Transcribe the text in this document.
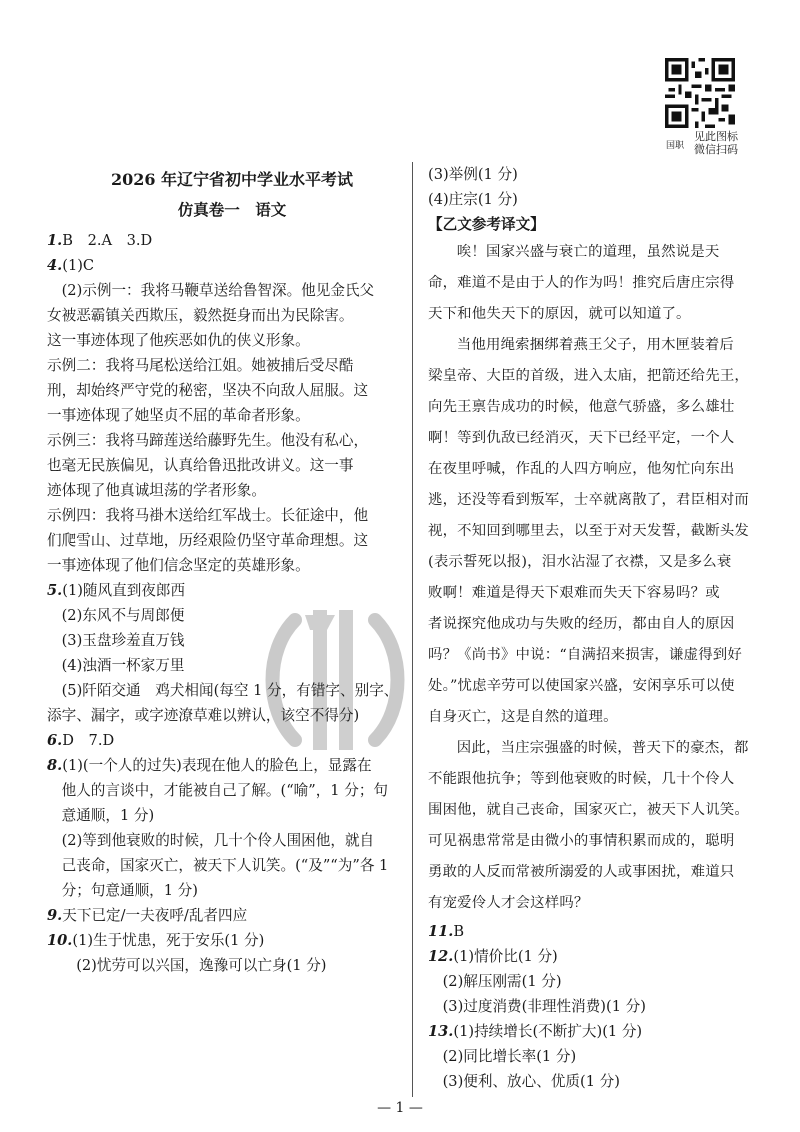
国职
见此图标
微信扫码
2026 年辽宁省初中学业水平考试
仿真卷一　语文
1.B　2.A　3.D
4.(1)C
(2)示例一：我将马鞭草送给鲁智深。他见金氏父
女被恶霸镇关西欺压，毅然挺身而出为民除害。
这一事迹体现了他疾恶如仇的侠义形象。
示例二：我将马尾松送给江姐。她被捕后受尽酷
刑，却始终严守党的秘密，坚决不向敌人屈服。这
一事迹体现了她坚贞不屈的革命者形象。
示例三：我将马蹄莲送给藤野先生。他没有私心，
也毫无民族偏见，认真给鲁迅批改讲义。这一事
迹体现了他真诚坦荡的学者形象。
示例四：我将马褂木送给红军战士。长征途中，他
们爬雪山、过草地，历经艰险仍坚守革命理想。这
一事迹体现了他们信念坚定的英雄形象。
5.(1)随风直到夜郎西
(2)东风不与周郎便
(3)玉盘珍羞直万钱
(4)浊酒一杯家万里
(5)阡陌交通　鸡犬相闻(每空 1 分，有错字、别字、
添字、漏字，或字迹潦草难以辨认，该空不得分)
6.D　7.D
8.(1)(一个人的过失)表现在他人的脸色上，显露在
他人的言谈中，才能被自己了解。(“喻”，1 分；句
意通顺，1 分)
(2)等到他衰败的时候，几十个伶人围困他，就自
己丧命，国家灭亡，被天下人讥笑。(“及”“为”各 1
分；句意通顺，1 分)
9.天下已定/一夫夜呼/乱者四应
10.(1)生于忧患，死于安乐(1 分)
(2)忧劳可以兴国，逸豫可以亡身(1 分)
(3)举例(1 分)
(4)庄宗(1 分)
【乙文参考译文】
唉！国家兴盛与衰亡的道理，虽然说是天
命，难道不是由于人的作为吗！推究后唐庄宗得
天下和他失天下的原因，就可以知道了。
当他用绳索捆绑着燕王父子，用木匣装着后
梁皇帝、大臣的首级，进入太庙，把箭还给先王，
向先王禀告成功的时候，他意气骄盛，多么雄壮
啊！等到仇敌已经消灭，天下已经平定，一个人
在夜里呼喊，作乱的人四方响应，他匆忙向东出
逃，还没等看到叛军，士卒就离散了，君臣相对而
视，不知回到哪里去，以至于对天发誓，截断头发
(表示誓死以报)，泪水沾湿了衣襟，又是多么衰
败啊！难道是得天下艰难而失天下容易吗？或
者说探究他成功与失败的经历，都由自人的原因
吗？《尚书》中说：“自满招来损害，谦虚得到好
处。”忧虑辛劳可以使国家兴盛，安闲享乐可以使
自身灭亡，这是自然的道理。
因此，当庄宗强盛的时候，普天下的豪杰，都
不能跟他抗争；等到他衰败的时候，几十个伶人
围困他，就自己丧命，国家灭亡，被天下人讥笑。
可见祸患常常是由微小的事情积累而成的，聪明
勇敢的人反而常被所溺爱的人或事困扰，难道只
有宠爱伶人才会这样吗？
11.B
12.(1)情价比(1 分)
(2)解压刚需(1 分)
(3)过度消费(非理性消费)(1 分)
13.(1)持续增长(不断扩大)(1 分)
(2)同比增长率(1 分)
(3)便利、放心、优质(1 分)
— 1 —
